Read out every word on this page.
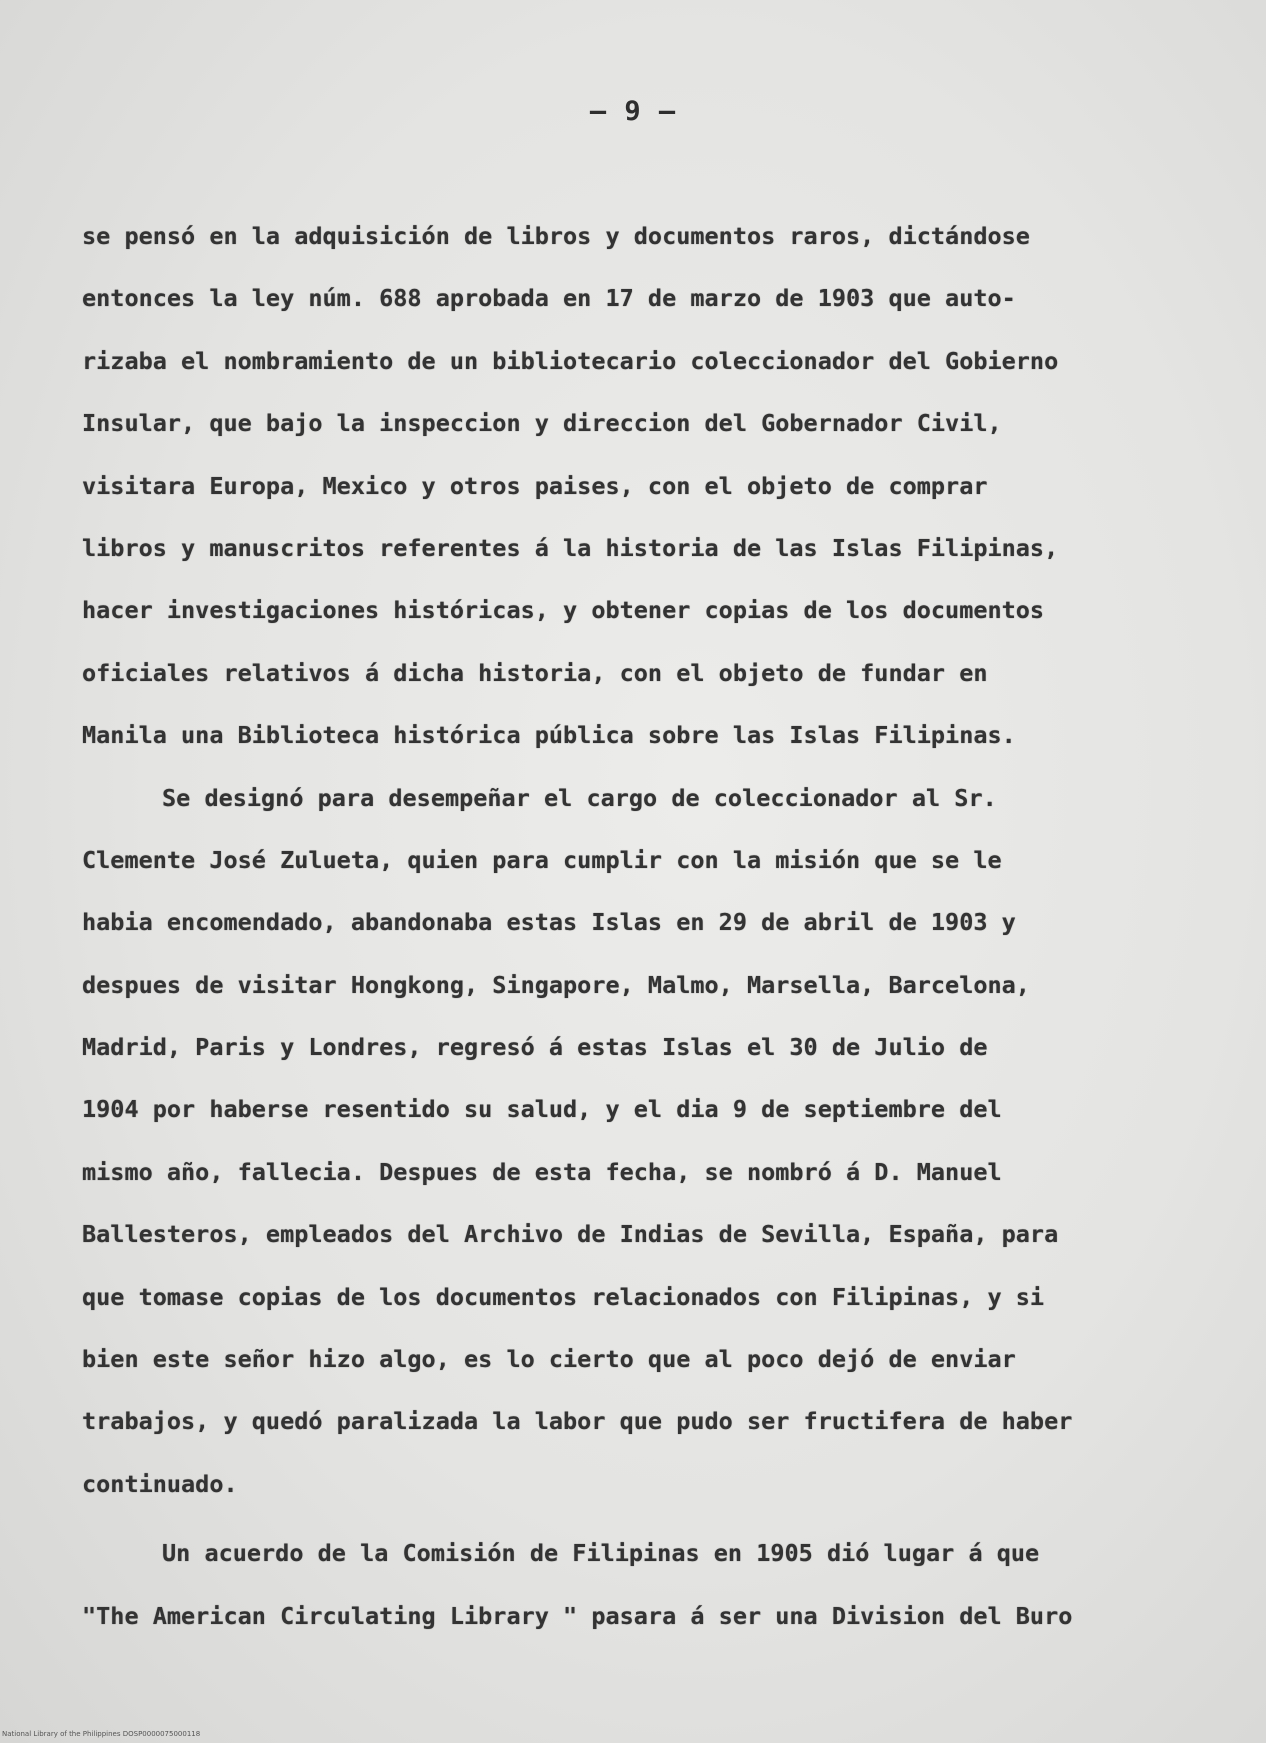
— 9 —
se pensó en la adquisición de libros y documentos raros, dictándose
entonces la ley núm. 688 aprobada en 17 de marzo de 1903 que auto-
rizaba el nombramiento de un bibliotecario coleccionador del Gobierno
Insular, que bajo la inspeccion y direccion del Gobernador Civil,
visitara Europa, Mexico y otros paises, con el objeto de comprar
libros y manuscritos referentes á la historia de las Islas Filipinas,
hacer investigaciones históricas, y obtener copias de los documentos
oficiales relativos á dicha historia, con el objeto de fundar en
Manila una Biblioteca histórica pública sobre las Islas Filipinas.
Se designó para desempeñar el cargo de coleccionador al Sr.
Clemente José Zulueta, quien para cumplir con la misión que se le
habia encomendado, abandonaba estas Islas en 29 de abril de 1903 y
despues de visitar Hongkong, Singapore, Malmo, Marsella, Barcelona,
Madrid, Paris y Londres, regresó á estas Islas el 30 de Julio de
1904 por haberse resentido su salud, y el dia 9 de septiembre del
mismo año, fallecia. Despues de esta fecha, se nombró á D. Manuel
Ballesteros, empleados del Archivo de Indias de Sevilla, España, para
que tomase copias de los documentos relacionados con Filipinas, y si
bien este señor hizo algo, es lo cierto que al poco dejó de enviar
trabajos, y quedó paralizada la labor que pudo ser fructifera de haber
continuado.
Un acuerdo de la Comisión de Filipinas en 1905 dió lugar á que
"The American Circulating Library " pasara á ser una Division del Buro
National Library of the Philippines DOSP0000075000118
